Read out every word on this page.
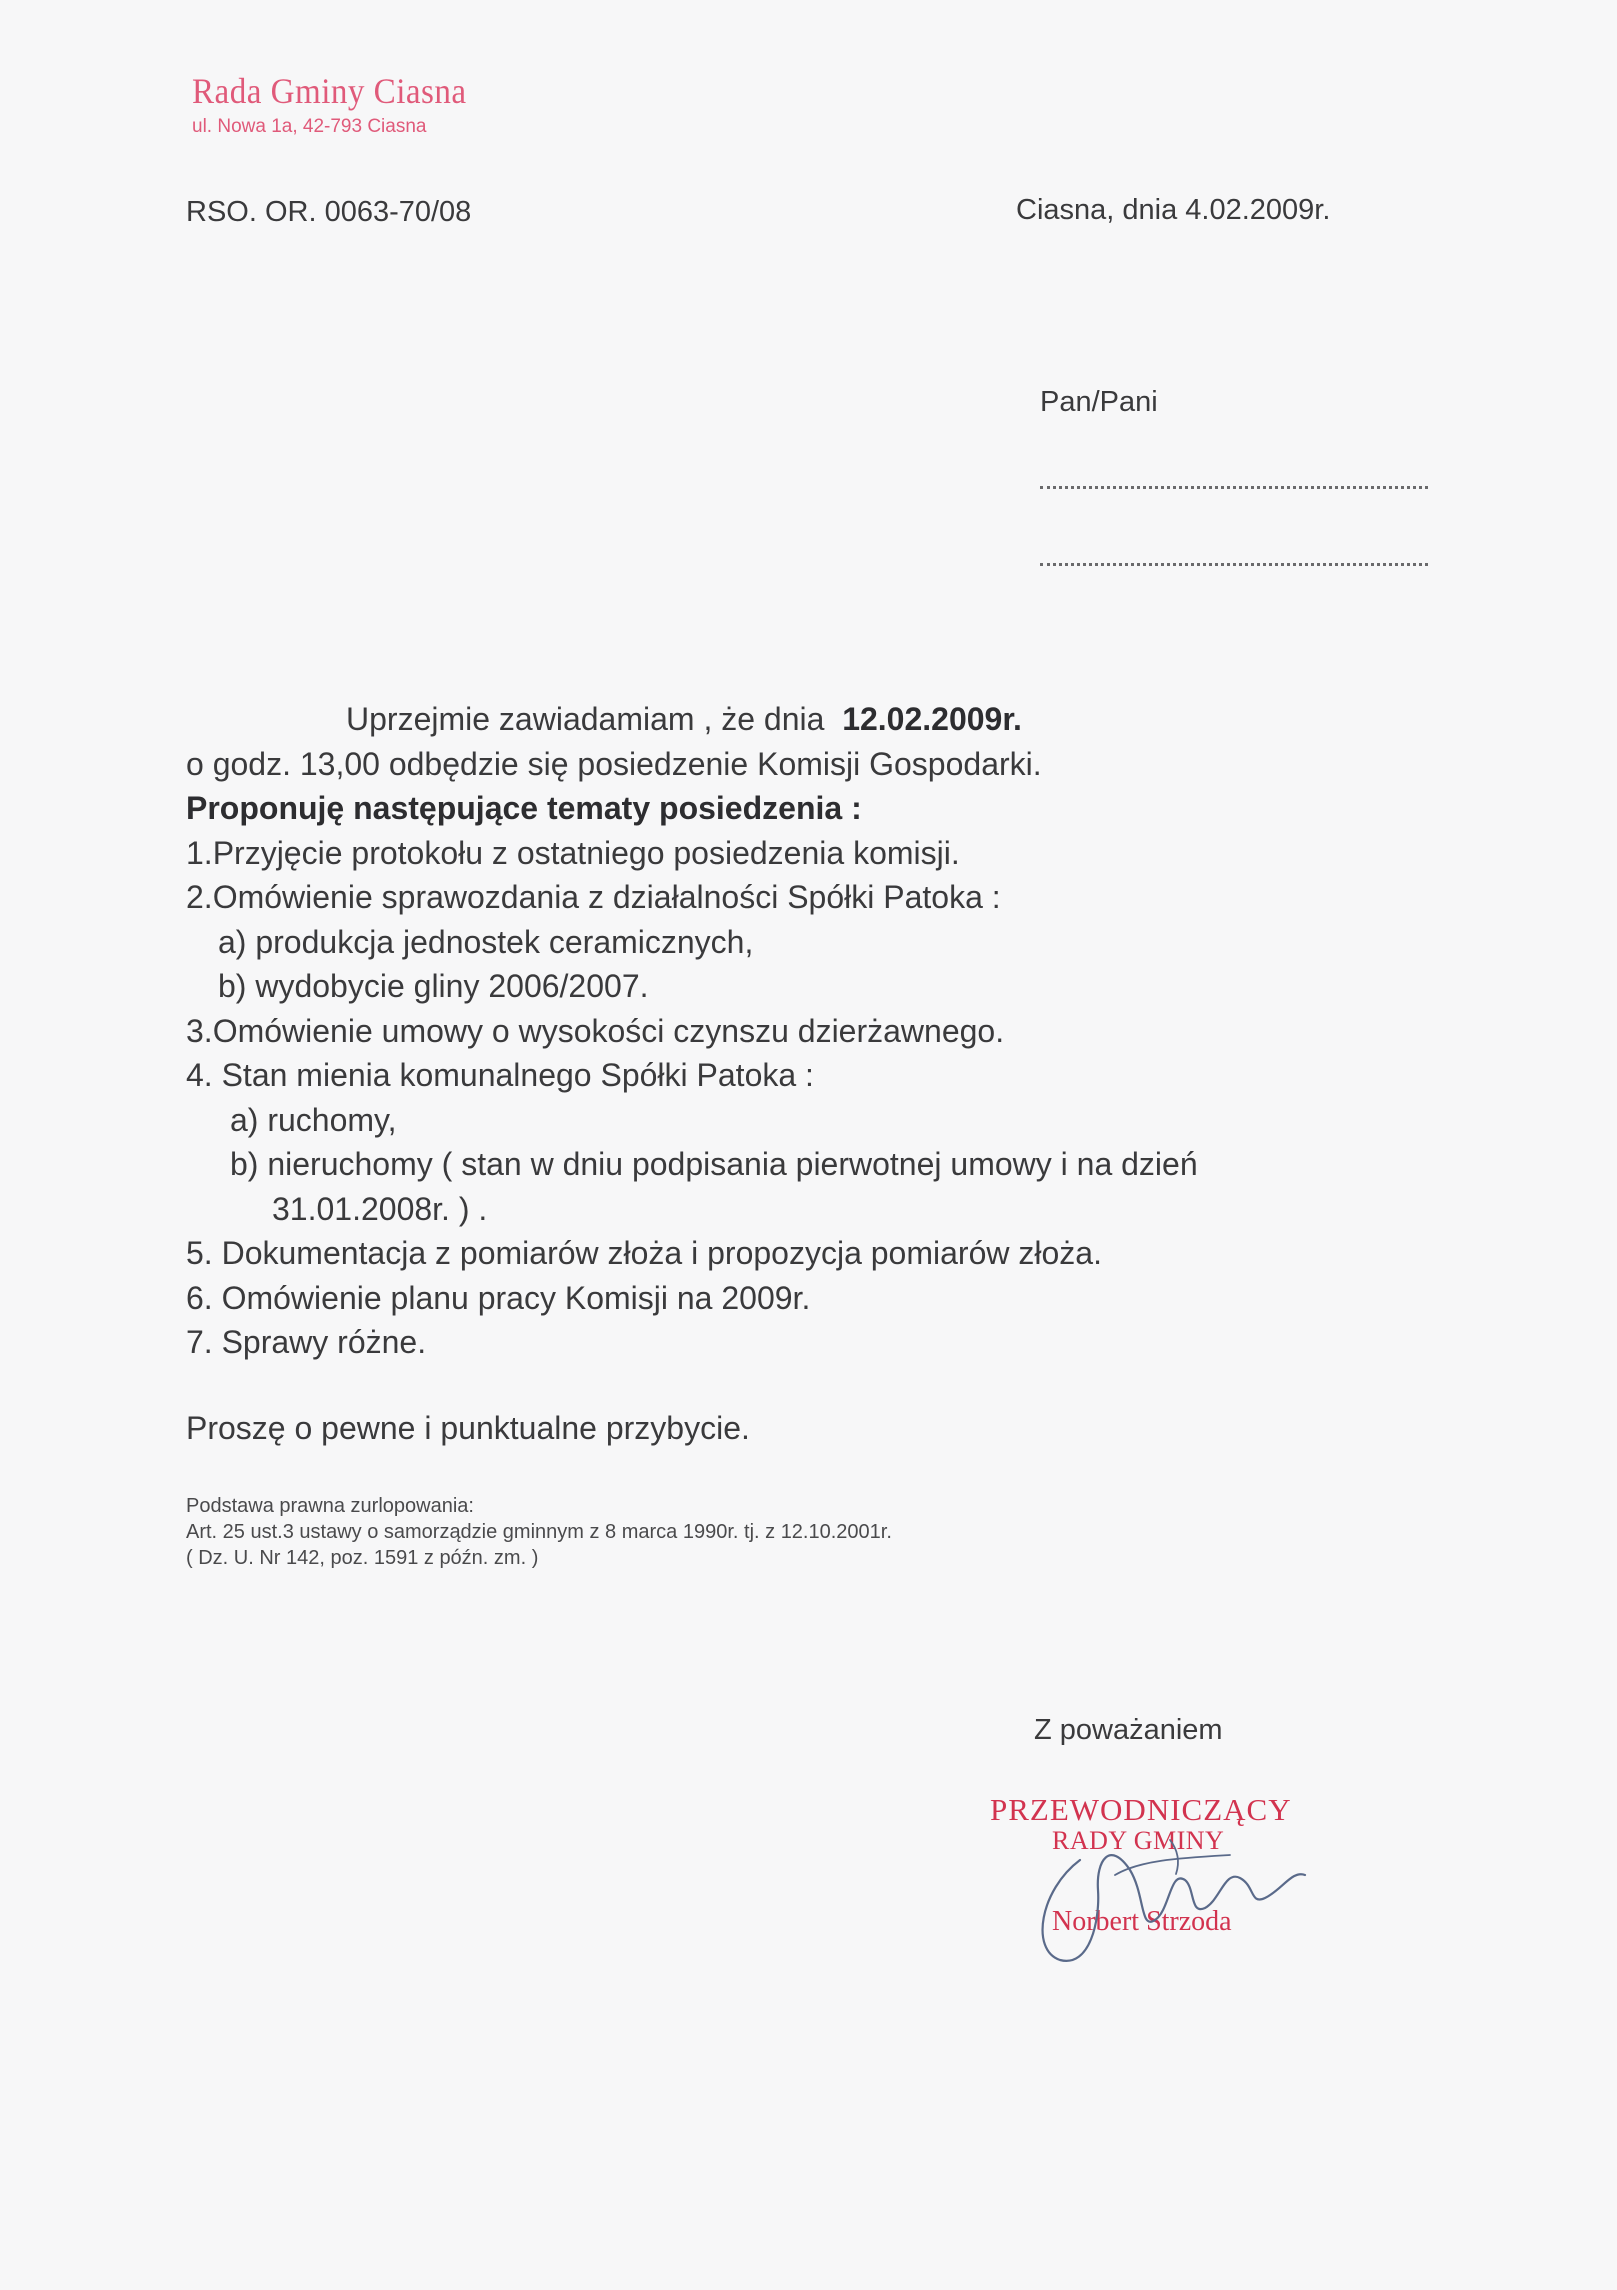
Rada Gminy Ciasna
ul. Nowa 1a, 42-793 Ciasna
RSO. OR. 0063-70/08	Ciasna, dnia 4.02.2009r.
Pan/Pani
Uprzejmie zawiadamiam , że dnia 12.02.2009r.
o godz. 13,00 odbędzie się posiedzenie Komisji Gospodarki.
Proponuję następujące tematy posiedzenia :
1.Przyjęcie protokołu z ostatniego posiedzenia komisji.
2.Omówienie sprawozdania z działalności Spółki Patoka :
a) produkcja jednostek ceramicznych,
b) wydobycie gliny 2006/2007.
3.Omówienie umowy o wysokości czynszu dzierżawnego.
4. Stan mienia komunalnego Spółki Patoka :
a) ruchomy,
b) nieruchomy ( stan w dniu podpisania pierwotnej umowy i na dzień
31.01.2008r. ) .
5. Dokumentacja z pomiarów złoża i propozycja pomiarów złoża.
6. Omówienie planu pracy Komisji na 2009r.
7. Sprawy różne.
Proszę o pewne i punktualne przybycie.
Podstawa prawna zurlopowania:
Art. 25 ust.3 ustawy o samorządzie gminnym z 8 marca 1990r. tj. z 12.10.2001r.
( Dz. U. Nr 142, poz. 1591 z późn. zm. )
Z poważaniem
PRZEWODNICZĄCY
RADY GMINY
Norbert Strzoda
